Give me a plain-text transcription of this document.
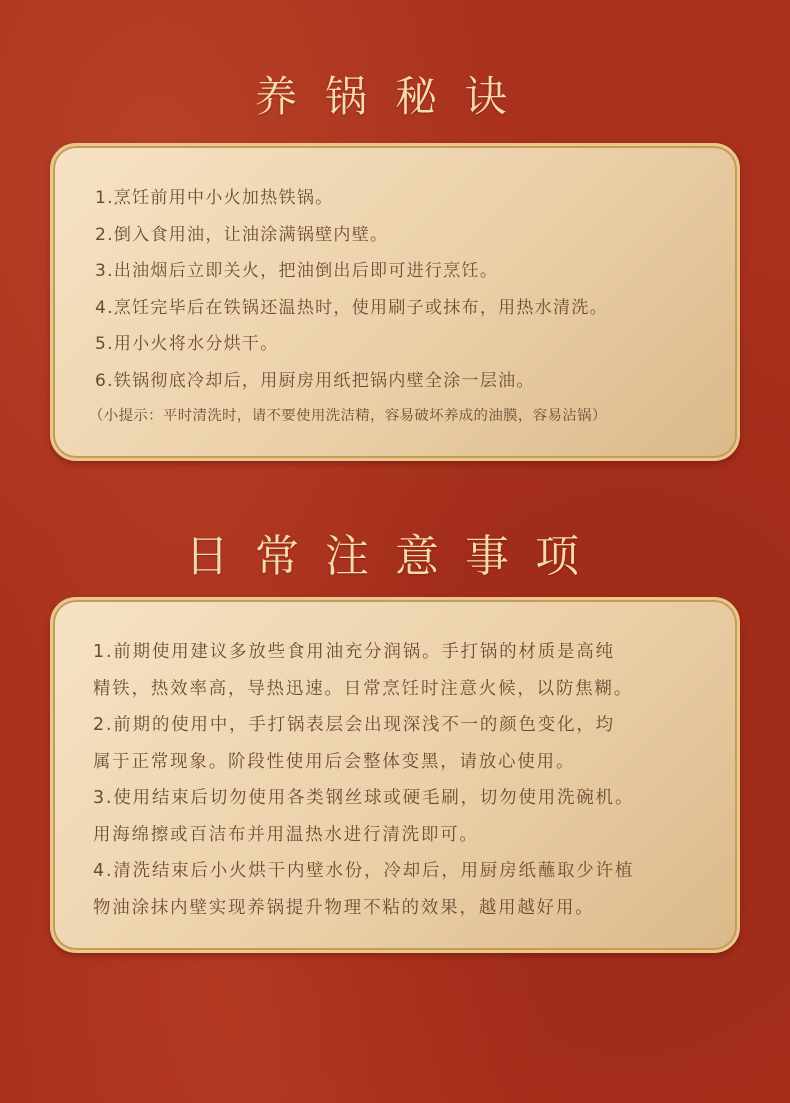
养锅秘诀
1.烹饪前用中小火加热铁锅。
2.倒入食用油，让油涂满锅壁内壁。
3.出油烟后立即关火，把油倒出后即可进行烹饪。
4.烹饪完毕后在铁锅还温热时，使用刷子或抹布，用热水清洗。
5.用小火将水分烘干。
6.铁锅彻底冷却后，用厨房用纸把锅内壁全涂一层油。
（小提示：平时清洗时，请不要使用洗洁精，容易破坏养成的油膜，容易沾锅）
日常注意事项
1.前期使用建议多放些食用油充分润锅。手打锅的材质是高纯
精铁，热效率高，导热迅速。日常烹饪时注意火候，以防焦糊。
2.前期的使用中，手打锅表层会出现深浅不一的颜色变化，均
属于正常现象。阶段性使用后会整体变黑，请放心使用。
3.使用结束后切勿使用各类钢丝球或硬毛刷，切勿使用洗碗机。
用海绵擦或百洁布并用温热水进行清洗即可。
4.清洗结束后小火烘干内壁水份，冷却后，用厨房纸蘸取少许植
物油涂抹内壁实现养锅提升物理不粘的效果，越用越好用。
